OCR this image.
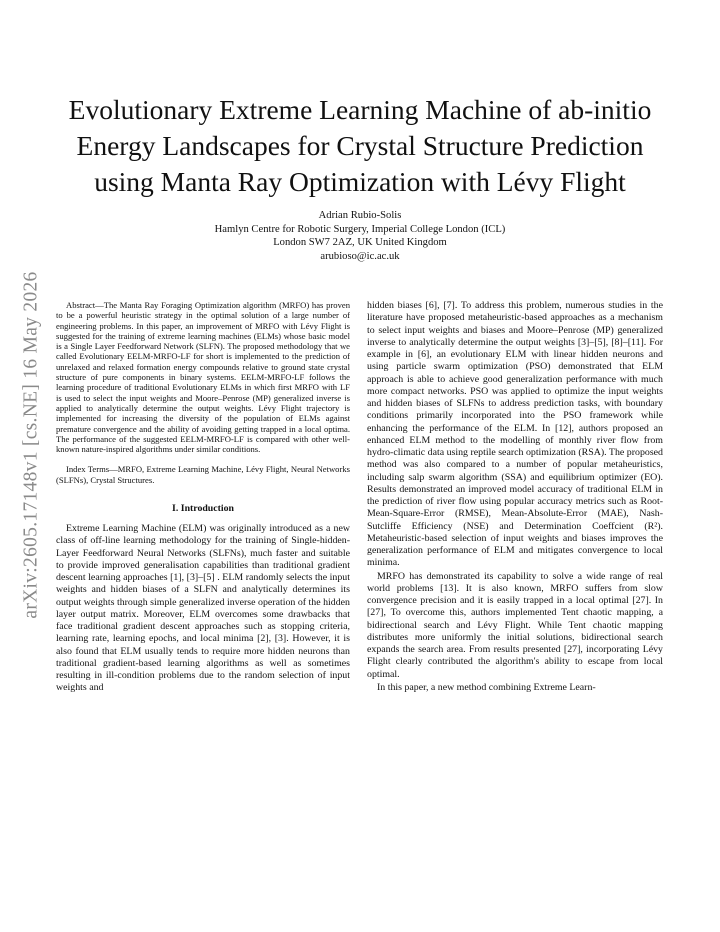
arXiv:2605.17148v1 [cs.NE] 16 May 2026
Evolutionary Extreme Learning Machine of ab-initio
Energy Landscapes for Crystal Structure Prediction
using Manta Ray Optimization with Lévy Flight
Adrian Rubio-Solis
Hamlyn Centre for Robotic Surgery, Imperial College London (ICL)
London SW7 2AZ, UK United Kingdom
arubioso@ic.ac.uk

Abstract—The Manta Ray Foraging Optimization algorithm (MRFO) has proven to be a powerful heuristic strategy in the optimal solution of a large number of engineering problems. In this paper, an improvement of MRFO with Lévy Flight is suggested for the training of extreme learning machines (ELMs) whose basic model is a Single Layer Feedforward Network (SLFN). The proposed methodology that we called Evolutionary EELM-MRFO-LF for short is implemented to the prediction of unrelaxed and relaxed formation energy compounds relative to ground state crystal structure of pure components in binary systems. EELM-MRFO-LF follows the learning procedure of traditional Evolutionary ELMs in which first MRFO with LF is used to select the input weights and Moore–Penrose (MP) generalized inverse is applied to analytically determine the output weights. Lévy Flight trajectory is implemented for increasing the diversity of the population of ELMs against premature convergence and the ability of avoiding getting trapped in a local optima. The performance of the suggested EELM-MRFO-LF is compared with other well-known nature-inspired algorithms under similar conditions.

Index Terms—MRFO, Extreme Learning Machine, Lévy Flight, Neural Networks (SLFNs), Crystal Structures.

I. Introduction

Extreme Learning Machine (ELM) was originally introduced as a new class of off-line learning methodology for the training of Single-hidden-Layer Feedforward Neural Networks (SLFNs), much faster and suitable to provide improved generalisation capabilities than traditional gradient descent learning approaches [1], [3]–[5] . ELM randomly selects the input weights and hidden biases of a SLFN and analytically determines its output weights through simple generalized inverse operation of the hidden layer output matrix. Moreover, ELM overcomes some drawbacks that face traditional gradient descent approaches such as stopping criteria, learning rate, learning epochs, and local minima [2], [3]. However, it is also found that ELM usually tends to require more hidden neurons than traditional gradient-based learning algorithms as well as sometimes resulting in ill-condition problems due to the random selection of input weights and

hidden biases [6], [7]. To address this problem, numerous studies in the literature have proposed metaheuristic-based approaches as a mechanism to select input weights and biases and Moore–Penrose (MP) generalized inverse to analytically determine the output weights [3]–[5], [8]–[11]. For example in [6], an evolutionary ELM with linear hidden neurons and using particle swarm optimization (PSO) demonstrated that ELM approach is able to achieve good generalization performance with much more compact networks. PSO was applied to optimize the input weights and hidden biases of SLFNs to address prediction tasks, with boundary conditions primarily incorporated into the PSO framework while enhancing the performance of the ELM. In [12], authors proposed an enhanced ELM method to the modelling of monthly river flow from hydro-climatic data using reptile search optimization (RSA). The proposed method was also compared to a number of popular metaheuristics, including salp swarm algorithm (SSA) and equilibrium optimizer (EO). Results demonstrated an improved model accuracy of traditional ELM in the prediction of river flow using popular accuracy metrics such as Root-Mean-Square-Error (RMSE), Mean-Absolute-Error (MAE), Nash-Sutcliffe Efficiency (NSE) and Determination Coeffcient (R²). Metaheuristic-based selection of input weights and biases improves the generalization performance of ELM and mitigates convergence to local minima.

MRFO has demonstrated its capability to solve a wide range of real world problems [13]. It is also known, MRFO suffers from slow convergence precision and it is easily trapped in a local optimal [27]. In [27], To overcome this, authors implemented Tent chaotic mapping, a bidirectional search and Lévy Flight. While Tent chaotic mapping distributes more uniformly the initial solutions, bidirectional search expands the search area. From results presented [27], incorporating Lévy Flight clearly contributed the algorithm's ability to escape from local optimal.

In this paper, a new method combining Extreme Learn-
